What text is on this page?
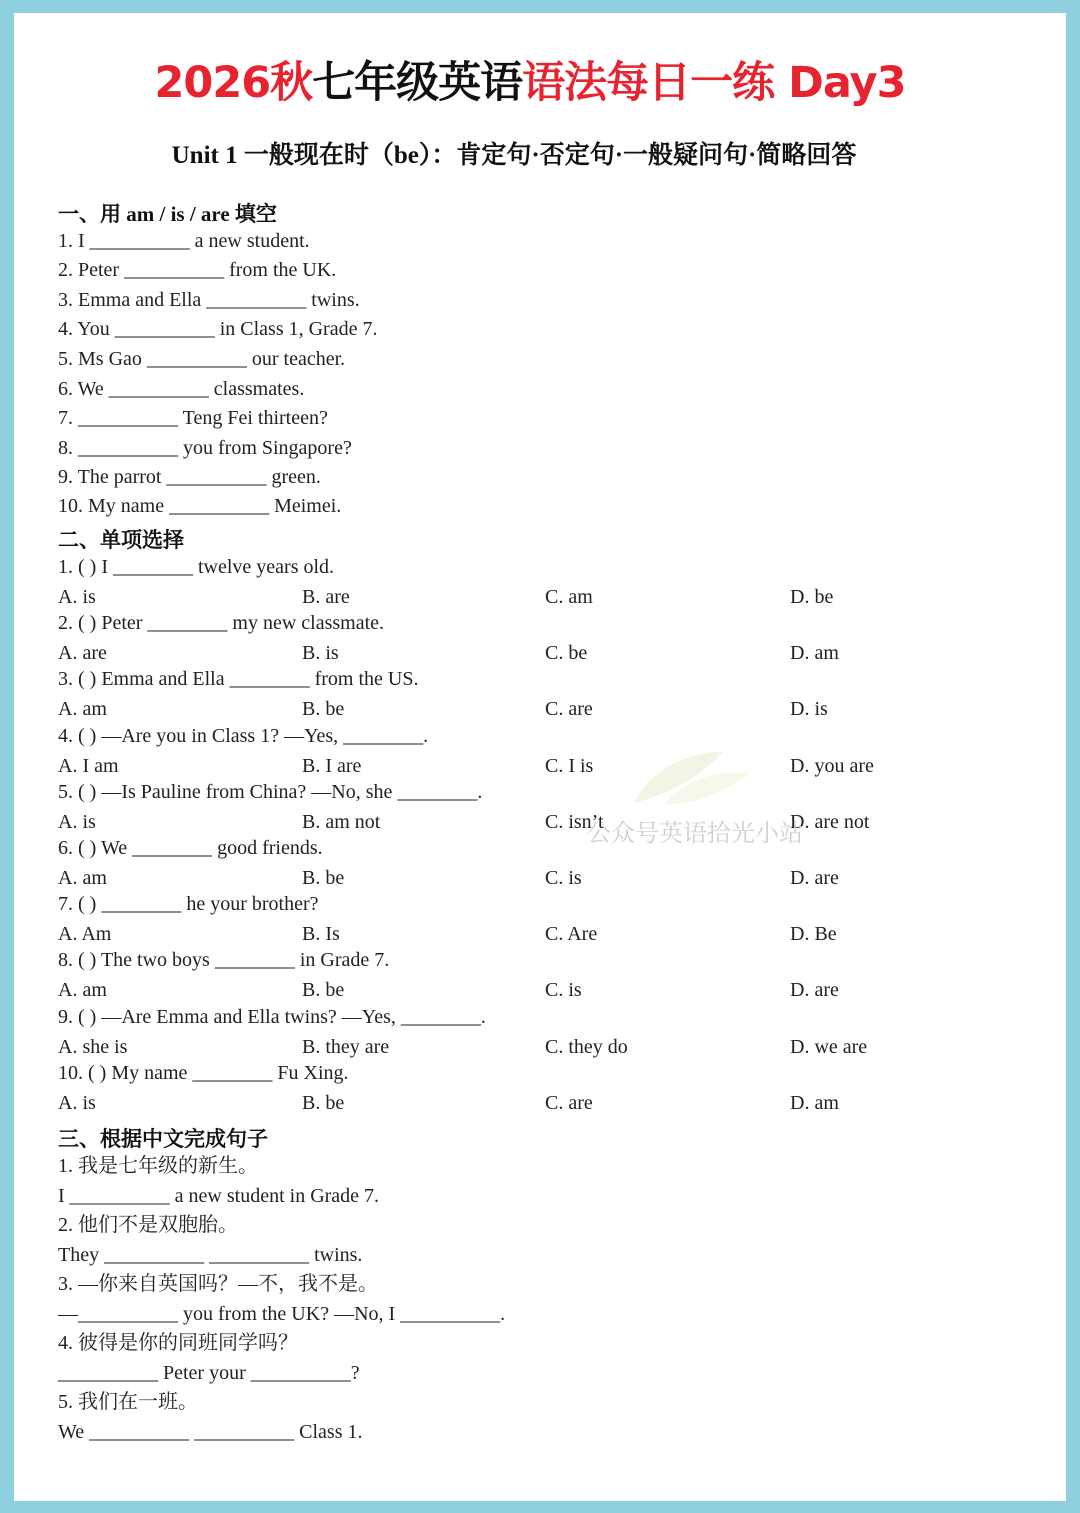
2026秋七年级英语语法每日一练 Day3
Unit 1 一般现在时（be）：肯定句·否定句·一般疑问句·简略回答
一、用 am / is / are 填空
1. I __________ a new student.
2. Peter __________ from the UK.
3. Emma and Ella __________ twins.
4. You __________ in Class 1, Grade 7.
5. Ms Gao __________ our teacher.
6. We __________ classmates.
7. __________ Teng Fei thirteen?
8. __________ you from Singapore?
9. The parrot __________ green.
10. My name __________ Meimei.
二、单项选择
1. ( ) I ________ twelve years old.
A. is	B. are	C. am	D. be
2. ( ) Peter ________ my new classmate.
A. are	B. is	C. be	D. am
3. ( ) Emma and Ella ________ from the US.
A. am	B. be	C. are	D. is
4. ( ) —Are you in Class 1? —Yes, ________.
A. I am	B. I are	C. I is	D. you are
5. ( ) —Is Pauline from China? —No, she ________.
A. is	B. am not	C. isn’t	D. are not
6. ( ) We ________ good friends.
A. am	B. be	C. is	D. are
7. ( ) ________ he your brother?
A. Am	B. Is	C. Are	D. Be
8. ( ) The two boys ________ in Grade 7.
A. am	B. be	C. is	D. are
9. ( ) —Are Emma and Ella twins? —Yes, ________.
A. she is	B. they are	C. they do	D. we are
10. ( ) My name ________ Fu Xing.
A. is	B. be	C. are	D. am
三、根据中文完成句子
1. 我是七年级的新生。
I __________ a new student in Grade 7.
2. 他们不是双胞胎。
They __________ __________ twins.
3. —你来自英国吗？—不，我不是。
—__________ you from the UK? —No, I __________.
4. 彼得是你的同班同学吗？
__________ Peter your __________?
5. 我们在一班。
We __________ __________ Class 1.
公众号英语拾光小站
